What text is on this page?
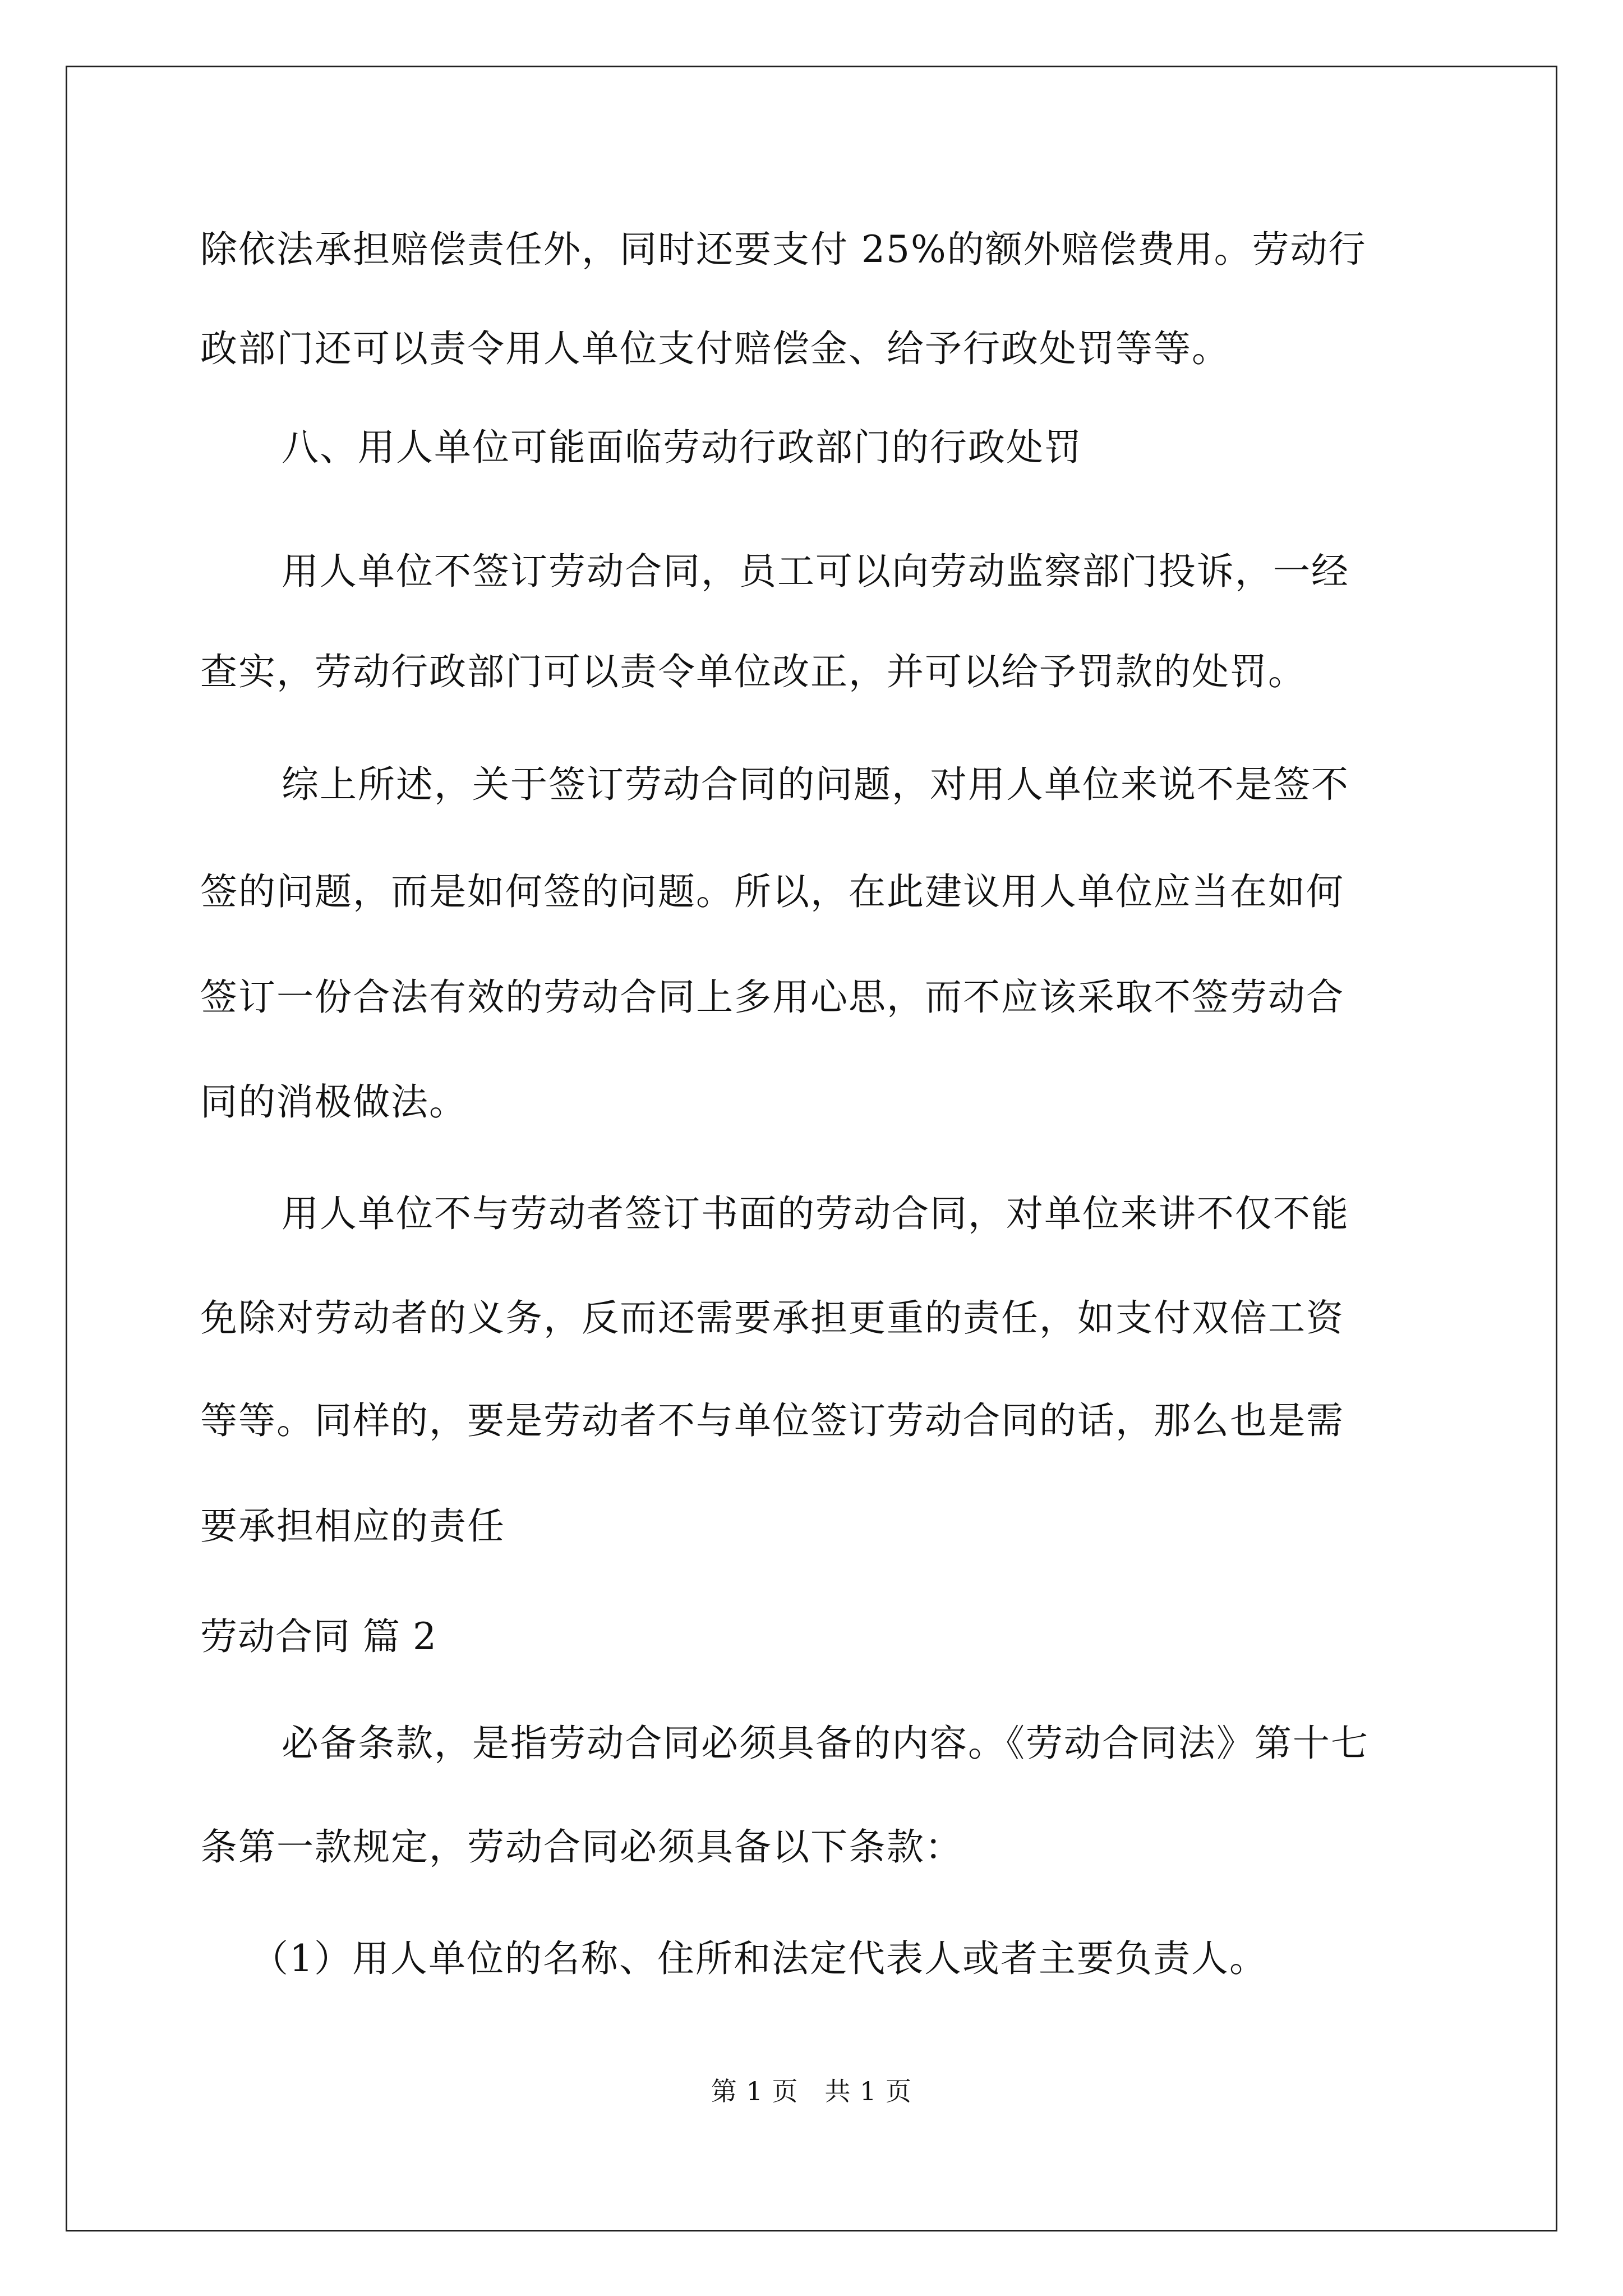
除依法承担赔偿责任外，同时还要支付 25%的额外赔偿费用。劳动行
政部门还可以责令用人单位支付赔偿金、给予行政处罚等等。
八、用人单位可能面临劳动行政部门的行政处罚
用人单位不签订劳动合同，员工可以向劳动监察部门投诉，一经
查实，劳动行政部门可以责令单位改正，并可以给予罚款的处罚。
综上所述，关于签订劳动合同的问题，对用人单位来说不是签不
签的问题，而是如何签的问题。所以，在此建议用人单位应当在如何
签订一份合法有效的劳动合同上多用心思，而不应该采取不签劳动合
同的消极做法。
用人单位不与劳动者签订书面的劳动合同，对单位来讲不仅不能
免除对劳动者的义务，反而还需要承担更重的责任，如支付双倍工资
等等。同样的，要是劳动者不与单位签订劳动合同的话，那么也是需
要承担相应的责任
劳动合同 篇 2
必备条款，是指劳动合同必须具备的内容。《劳动合同法》第十七
条第一款规定，劳动合同必须具备以下条款：
（1）用人单位的名称、住所和法定代表人或者主要负责人。
第 1 页　共 1 页
